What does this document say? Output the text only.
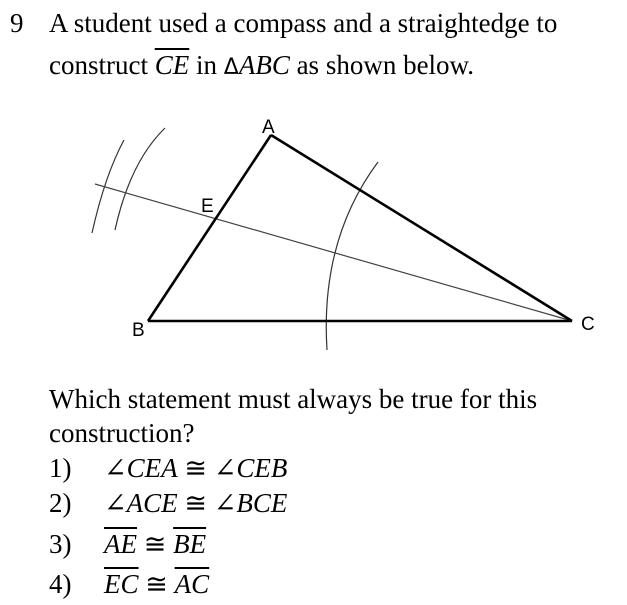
9 A student used a compass and a straightedge to
construct $\overline{CE}$ in ΔABC as shown below.
A
B	C
E
Which statement must always be true for this construction?
1) ∠CEA ≅ ∠CEB
2) ∠ACE ≅ ∠BCE
3) $\overline{AE}$ ≅ $\overline{BE}$
4) $\overline{EC}$ ≅ $\overline{AC}$
